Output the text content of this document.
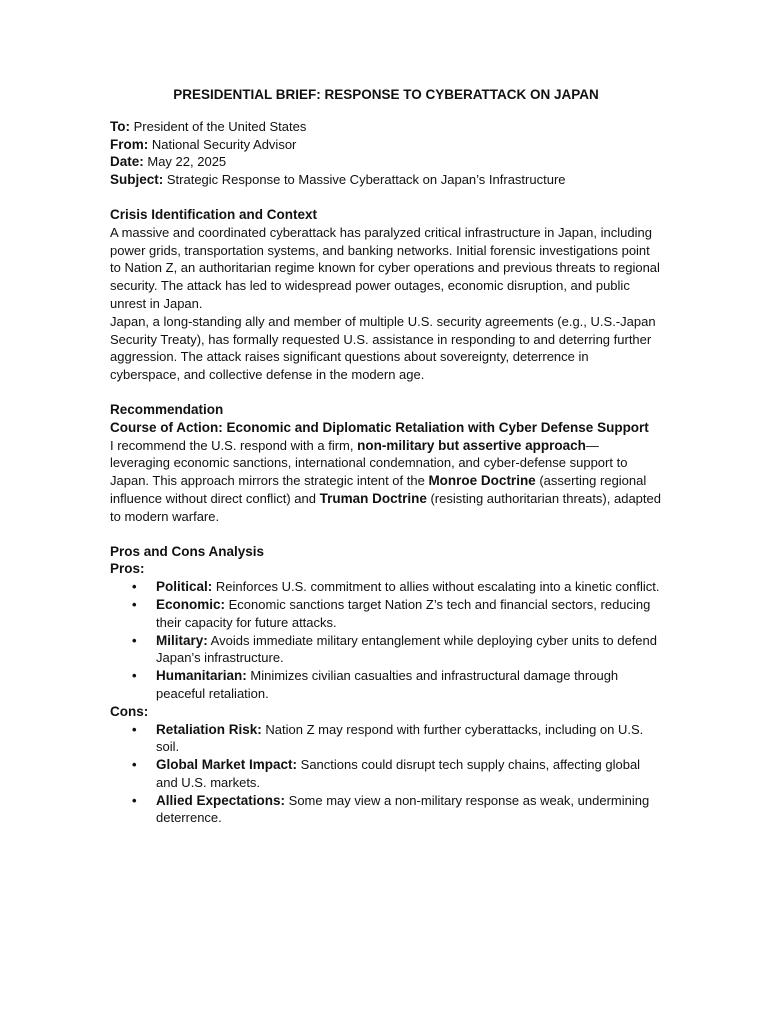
PRESIDENTIAL BRIEF: RESPONSE TO CYBERATTACK ON JAPAN

To: President of the United States

From: National Security Advisor

Date: May 22, 2025

Subject: Strategic Response to Massive Cyberattack on Japan’s Infrastructure

Crisis Identification and Context

A massive and coordinated cyberattack has paralyzed critical infrastructure in Japan, including power grids, transportation systems, and banking networks. Initial forensic investigations point to Nation Z, an authoritarian regime known for cyber operations and previous threats to regional security. The attack has led to widespread power outages, economic disruption, and public unrest in Japan.

Japan, a long-standing ally and member of multiple U.S. security agreements (e.g., U.S.-Japan Security Treaty), has formally requested U.S. assistance in responding to and deterring further aggression. The attack raises significant questions about sovereignty, deterrence in cyberspace, and collective defense in the modern age.

Recommendation

Course of Action: Economic and Diplomatic Retaliation with Cyber Defense Support

I recommend the U.S. respond with a firm, non-military but assertive approach— leveraging economic sanctions, international condemnation, and cyber-defense support to Japan. This approach mirrors the strategic intent of the Monroe Doctrine (asserting regional influence without direct conflict) and Truman Doctrine (resisting authoritarian threats), adapted to modern warfare.

Pros and Cons Analysis

Pros:

• Political: Reinforces U.S. commitment to allies without escalating into a kinetic conflict.
• Economic: Economic sanctions target Nation Z’s tech and financial sectors, reducing their capacity for future attacks.
• Military: Avoids immediate military entanglement while deploying cyber units to defend Japan’s infrastructure.
• Humanitarian: Minimizes civilian casualties and infrastructural damage through peaceful retaliation.

Cons:

• Retaliation Risk: Nation Z may respond with further cyberattacks, including on U.S. soil.
• Global Market Impact: Sanctions could disrupt tech supply chains, affecting global and U.S. markets.
• Allied Expectations: Some may view a non-military response as weak, undermining deterrence.
